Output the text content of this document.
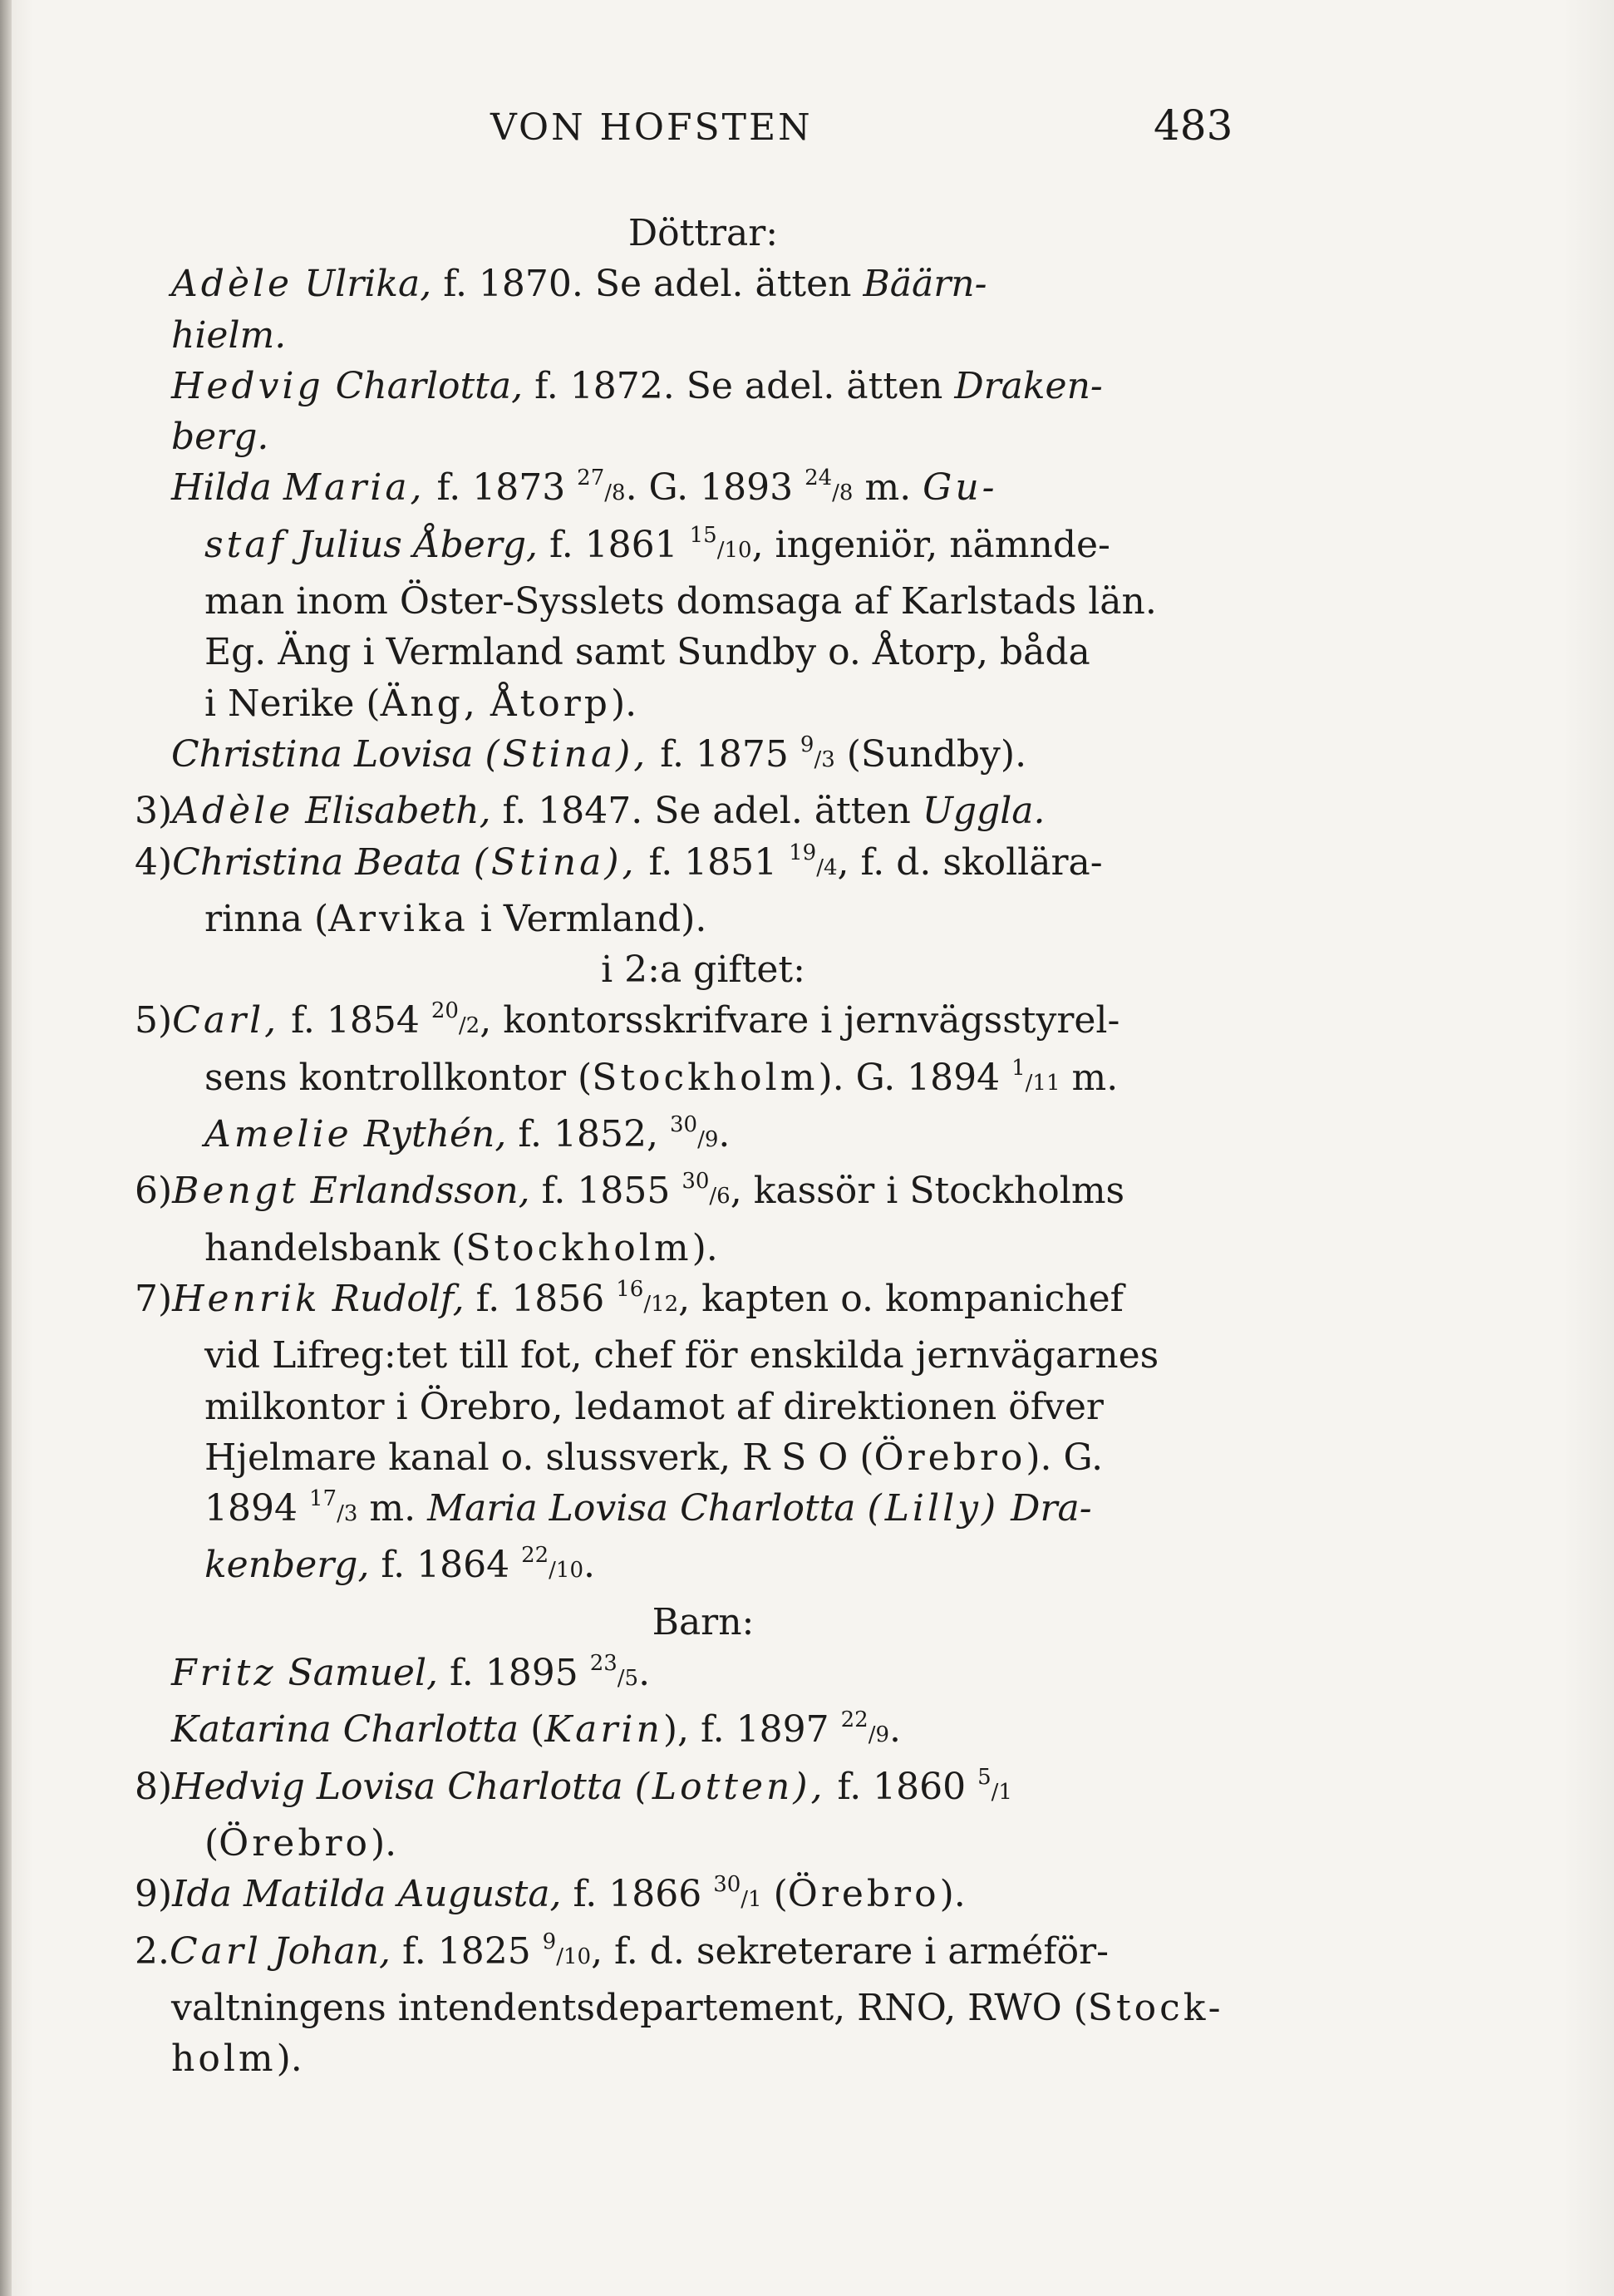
VON HOFSTEN	483
Döttrar:
Adèle Ulrika, f. 1870. Se adel. ätten Bäärn-
hielm.
Hedvig Charlotta, f. 1872. Se adel. ätten Draken-
berg.
Hilda Maria, f. 1873 $^{27}$/8. G. 1893 $^{24}$/8 m. Gu-
staf Julius Åberg, f. 1861 $^{15}$/10, ingeniör, nämnde-
man inom Öster-Sysslets domsaga af Karlstads län.
Eg. Äng i Vermland samt Sundby o. Åtorp, båda
i Nerike (Äng, Åtorp).
Christina Lovisa (Stina), f. 1875 $^9$/3 (Sundby).
3)Adèle Elisabeth, f. 1847. Se adel. ätten Uggla.
4)Christina Beata (Stina), f. 1851 $^{19}$/4, f. d. skollära-
rinna (Arvika i Vermland).
i 2:a giftet:
5)Carl, f. 1854 $^{20}$/2, kontorsskrifvare i jernvägsstyrel-
sens kontrollkontor (Stockholm). G. 1894 $^1$/11 m.
Amelie Rythén, f. 1852, $^{30}$/9.
6)Bengt Erlandsson, f. 1855 $^{30}$/6, kassör i Stockholms
handelsbank (Stockholm).
7)Henrik Rudolf, f. 1856 $^{16}$/12, kapten o. kompanichef
vid Lifreg:tet till fot, chef för enskilda jernvägarnes
milkontor i Örebro, ledamot af direktionen öfver
Hjelmare kanal o. slussverk, R S O (Örebro). G.
1894 $^{17}$/3 m. Maria Lovisa Charlotta (Lilly) Dra-
kenberg, f. 1864 $^{22}$/10.
Barn:
Fritz Samuel, f. 1895 $^{23}$/5.
Katarina Charlotta (Karin), f. 1897 $^{22}$/9.
8)Hedvig Lovisa Charlotta (Lotten), f. 1860 $^5$/1
(Örebro).
9)Ida Matilda Augusta, f. 1866 $^{30}$/1 (Örebro).
2.Carl Johan, f. 1825 $^9$/10, f. d. sekreterare i arméför-
valtningens intendentsdepartement, RNO, RWO (Stock-
holm).
